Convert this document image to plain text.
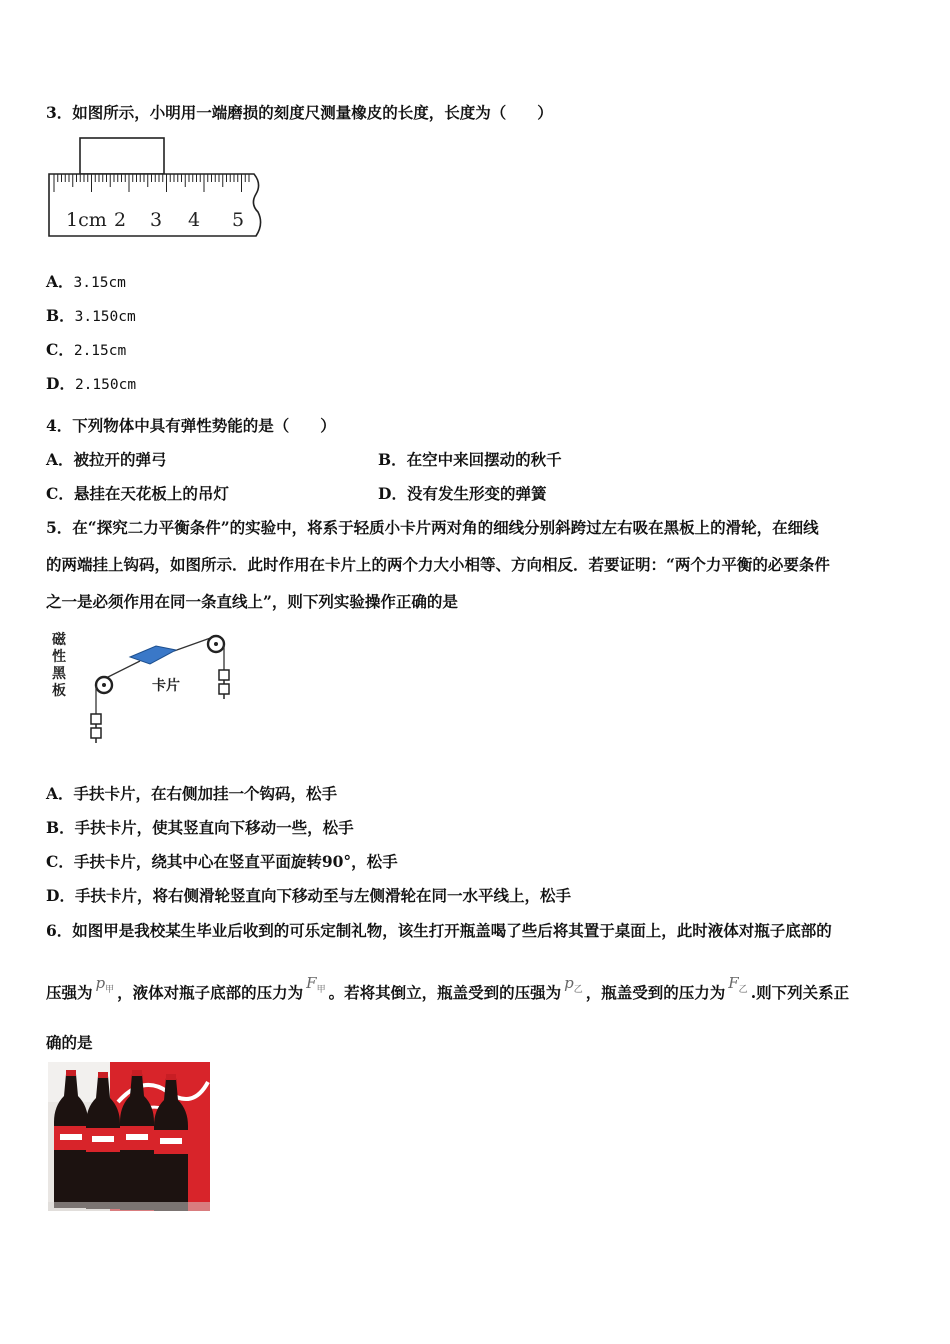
3．如图所示，小明用一端磨损的刻度尺测量橡皮的长度，长度为（　　）
1cm 2 3 4 5
A．3.15cm
B．3.150cm
C．2.15cm
D．2.150cm
4．下列物体中具有弹性势能的是（　　）
A．被拉开的弹弓	B．在空中来回摆动的秋千
C．悬挂在天花板上的吊灯	D．没有发生形变的弹簧
5．在“探究二力平衡条件”的实验中，将系于轻质小卡片两对角的细线分别斜跨过左右吸在黑板上的滑轮，在细线
的两端挂上钩码，如图所示．此时作用在卡片上的两个力大小相等、方向相反．若要证明：“两个力平衡的必要条件
之一是必须作用在同一条直线上”，则下列实验操作正确的是
磁
性
黑
板	卡片
A．手扶卡片，在右侧加挂一个钩码，松手
B．手扶卡片，使其竖直向下移动一些，松手
C．手扶卡片，绕其中心在竖直平面旋转90°，松手
D．手扶卡片，将右侧滑轮竖直向下移动至与左侧滑轮在同一水平线上，松手
6．如图甲是我校某生毕业后收到的可乐定制礼物，该生打开瓶盖喝了些后将其置于桌面上，此时液体对瓶子底部的
压强为 $p_甲$ ，液体对瓶子底部的压力为 $F_甲$ 。若将其倒立，瓶盖受到的压强为 $p_乙$ ，瓶盖受到的压力为 $F_乙$ .则下列关系正
确的是
